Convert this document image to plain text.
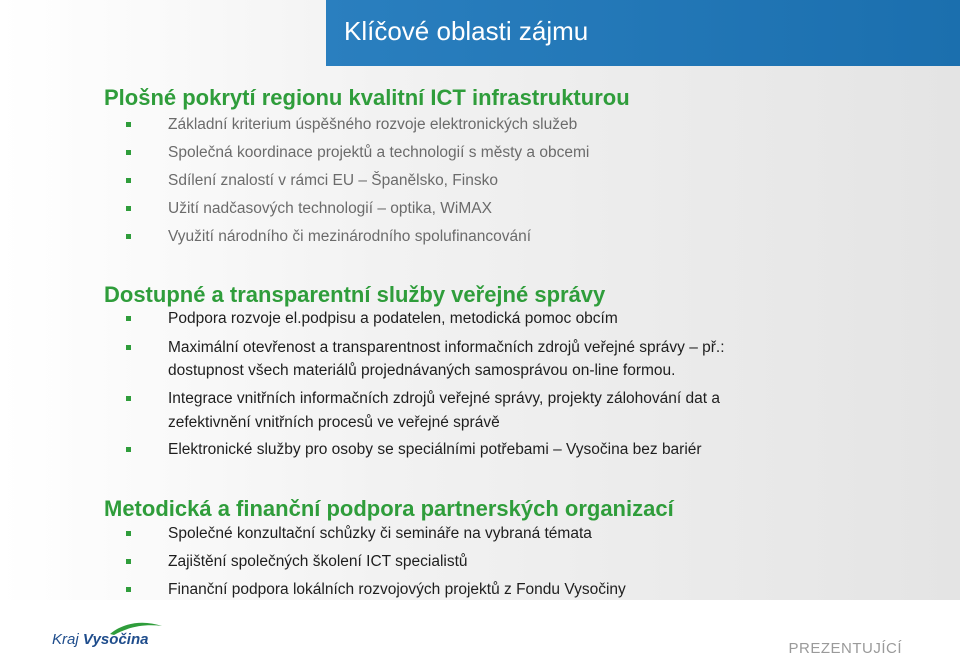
Klíčové oblasti zájmu
Plošné pokrytí regionu kvalitní ICT infrastrukturou
Základní kriterium úspěšného rozvoje elektronických služeb
Společná koordinace projektů a technologií s městy a obcemi
Sdílení znalostí v rámci EU – Španělsko, Finsko
Užití nadčasových technologií – optika, WiMAX
Využití národního či mezinárodního spolufinancování
Dostupné a transparentní služby veřejné správy
Podpora rozvoje el.podpisu a podatelen, metodická pomoc obcím
Maximální otevřenost a transparentnost informačních zdrojů veřejné správy – př.:
dostupnost všech materiálů projednávaných samosprávou on-line formou.
Integrace vnitřních informačních zdrojů veřejné správy, projekty zálohování dat a
zefektivnění vnitřních procesů ve veřejné správě
Elektronické služby pro osoby se speciálními potřebami – Vysočina bez bariér
Metodická a finanční podpora partnerských organizací
Společné konzultační schůzky či semináře na vybraná témata
Zajištění společných školení ICT specialistů
Finanční podpora lokálních rozvojových projektů z Fondu Vysočiny
Kraj Vysočina
PREZENTUJÍCÍ
